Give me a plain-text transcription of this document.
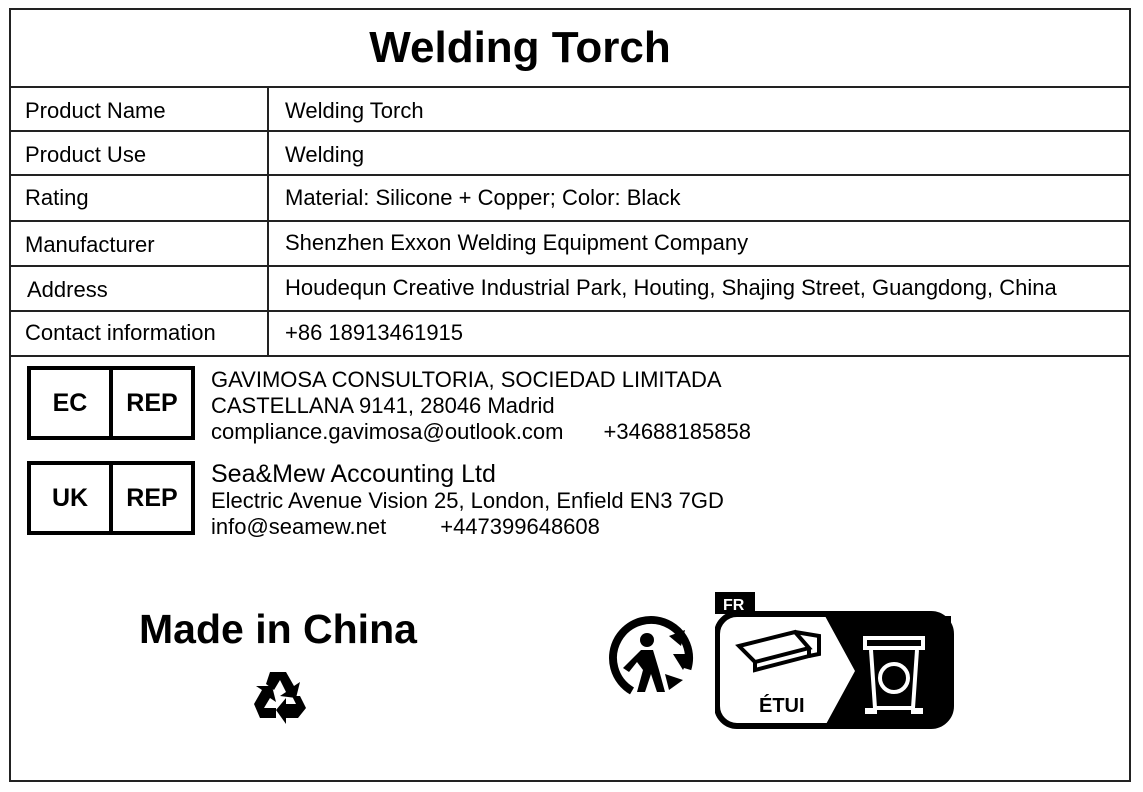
Welding Torch
Product Name	Welding Torch
Product Use	Welding
Rating	Material: Silicone + Copper; Color: Black
Manufacturer	Shenzhen Exxon Welding Equipment Company
Address	Houdequn Creative Industrial Park, Houting, Shajing Street, Guangdong, China
Contact information	+86 18913461915
EC	REP
GAVIMOSA CONSULTORIA, SOCIEDAD LIMITADA
CASTELLANA 9141, 28046 Madrid
compliance.gavimosa@outlook.com +34688185858
UK	REP
Sea&Mew Accounting Ltd
Electric Avenue Vision 25, London, Enfield EN3 7GD
info@seamew.net +447399648608
Made in China
FR
ÉTUI
